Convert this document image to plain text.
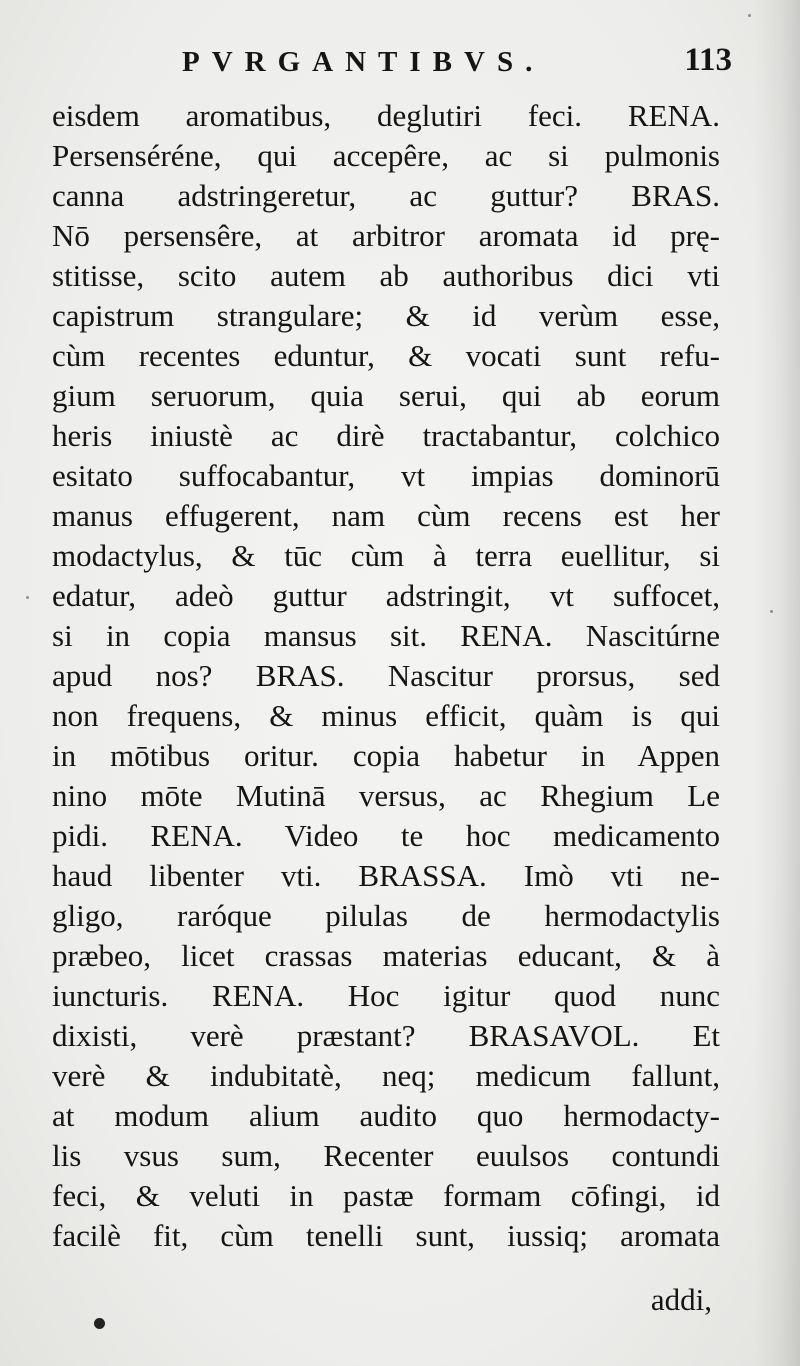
PVRGANTIBVS.	113
eisdem aromatibus, deglutiri feci. RENA.
Persenséréne, qui accepêre, ac si pulmonis
canna adstringeretur, ac guttur? BRAS.
Nō persensêre, at arbitror aromata id prę-
stitisse, scito autem ab authoribus dici vti
capistrum strangulare; & id verùm esse,
cùm recentes eduntur, & vocati sunt refu-
gium seruorum, quia serui, qui ab eorum
heris iniustè ac dirè tractabantur, colchico
esitato suffocabantur, vt impias dominorū
manus effugerent, nam cùm recens est her
modactylus, & tūc cùm à terra euellitur, si
edatur, adeò guttur adstringit, vt suffocet,
si in copia mansus sit. RENA. Nascitúrne
apud nos? BRAS. Nascitur prorsus, sed
non frequens, & minus efficit, quàm is qui
in mōtibus oritur. copia habetur in Appen
nino mōte Mutinā versus, ac Rhegium Le
pidi. RENA. Video te hoc medicamento
haud libenter vti. BRASSA. Imò vti ne-
gligo, raróque pilulas de hermodactylis
præbeo, licet crassas materias educant, & à
iuncturis. RENA. Hoc igitur quod nunc
dixisti, verè præstant? BRASAVOL. Et
verè & indubitatè, neq; medicum fallunt,
at modum alium audito quo hermodacty-
lis vsus sum, Recenter euulsos contundi
feci, & veluti in pastæ formam cōfingi, id
facilè fit, cùm tenelli sunt, iussiq; aromata
addi,
